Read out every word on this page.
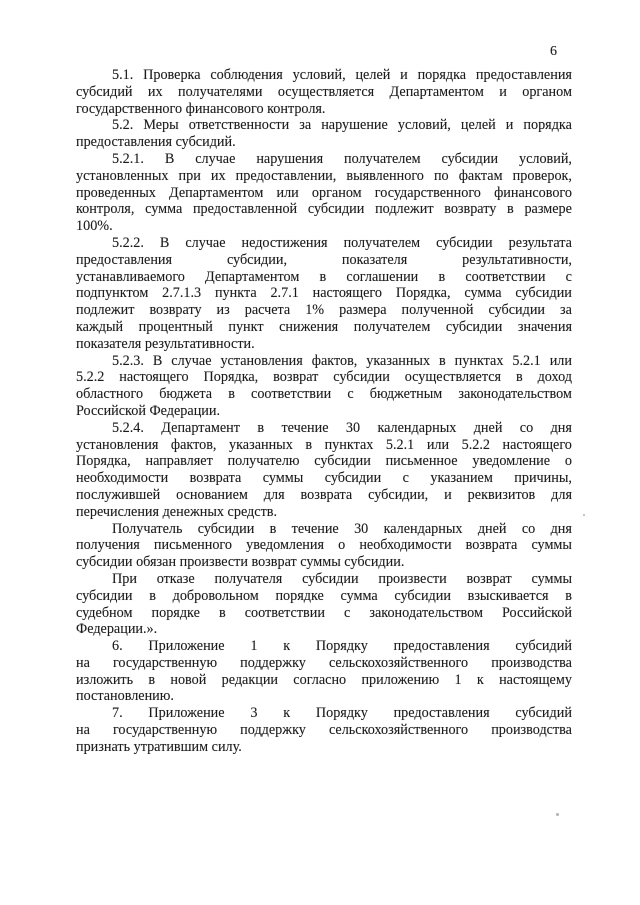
6
5.1. Проверка соблюдения условий, целей и порядка предоставления
субсидий их получателями осуществляется Департаментом и органом
государственного финансового контроля.
5.2. Меры ответственности за нарушение условий, целей и порядка
предоставления субсидий.
5.2.1. В случае нарушения получателем субсидии условий,
установленных при их предоставлении, выявленного по фактам проверок,
проведенных Департаментом или органом государственного финансового
контроля, сумма предоставленной субсидии подлежит возврату в размере
100%.
5.2.2. В случае недостижения получателем субсидии результата
предоставления	субсидии,	показателя	результативности,
устанавливаемого Департаментом в соглашении в соответствии с
подпунктом 2.7.1.3 пункта 2.7.1 настоящего Порядка, сумма субсидии
подлежит возврату из расчета 1% размера полученной субсидии за
каждый процентный пункт снижения получателем субсидии значения
показателя результативности.
5.2.3. В случае установления фактов, указанных в пунктах 5.2.1 или
5.2.2 настоящего Порядка, возврат субсидии осуществляется в доход
областного бюджета в соответствии с бюджетным законодательством
Российской Федерации.
5.2.4. Департамент в течение 30 календарных дней со дня
установления фактов, указанных в пунктах 5.2.1 или 5.2.2 настоящего
Порядка, направляет получателю субсидии письменное уведомление о
необходимости возврата суммы субсидии с указанием причины,
послужившей основанием для возврата субсидии, и реквизитов для
перечисления денежных средств.
Получатель субсидии в течение 30 календарных дней со дня
получения письменного уведомления о необходимости возврата суммы
субсидии обязан произвести возврат суммы субсидии.
При отказе получателя субсидии произвести возврат суммы
субсидии в добровольном порядке сумма субсидии взыскивается в
судебном порядке в соответствии с законодательством Российской
Федерации.».
6. Приложение 1 к Порядку предоставления субсидий
на государственную поддержку сельскохозяйственного производства
изложить в новой редакции согласно приложению 1 к настоящему
постановлению.
7. Приложение 3 к Порядку предоставления субсидий
на государственную поддержку сельскохозяйственного производства
признать утратившим силу.
